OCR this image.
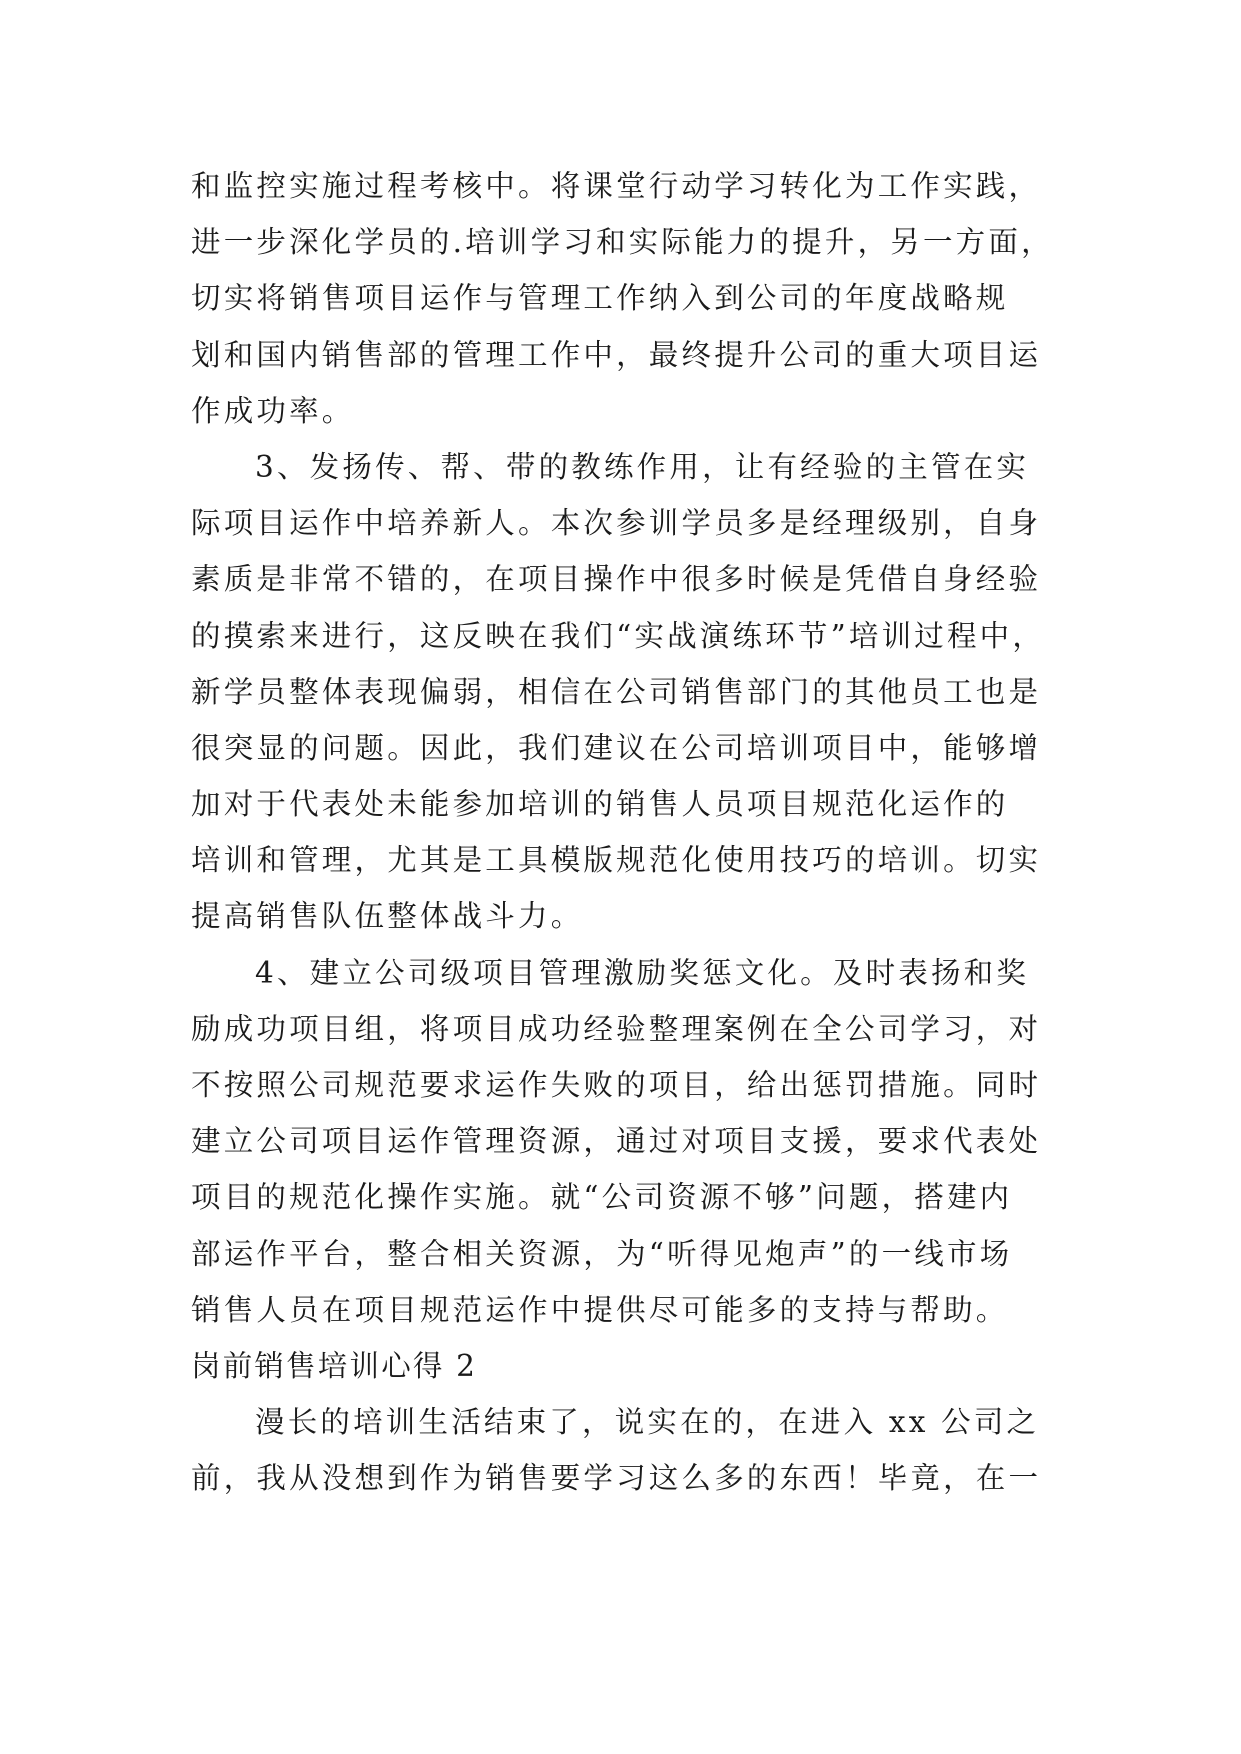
和监控实施过程考核中。将课堂行动学习转化为工作实践，
进一步深化学员的.培训学习和实际能力的提升，另一方面，
切实将销售项目运作与管理工作纳入到公司的年度战略规
划和国内销售部的管理工作中，最终提升公司的重大项目运
作成功率。
3、发扬传、帮、带的教练作用，让有经验的主管在实
际项目运作中培养新人。本次参训学员多是经理级别，自身
素质是非常不错的，在项目操作中很多时候是凭借自身经验
的摸索来进行，这反映在我们“实战演练环节”培训过程中，
新学员整体表现偏弱，相信在公司销售部门的其他员工也是
很突显的问题。因此，我们建议在公司培训项目中，能够增
加对于代表处未能参加培训的销售人员项目规范化运作的
培训和管理，尤其是工具模版规范化使用技巧的培训。切实
提高销售队伍整体战斗力。
4、建立公司级项目管理激励奖惩文化。及时表扬和奖
励成功项目组，将项目成功经验整理案例在全公司学习，对
不按照公司规范要求运作失败的项目，给出惩罚措施。同时
建立公司项目运作管理资源，通过对项目支援，要求代表处
项目的规范化操作实施。就“公司资源不够”问题，搭建内
部运作平台，整合相关资源，为“听得见炮声”的一线市场
销售人员在项目规范运作中提供尽可能多的支持与帮助。
岗前销售培训心得 2
漫长的培训生活结束了，说实在的，在进入 xx 公司之
前，我从没想到作为销售要学习这么多的东西！毕竟，在一
